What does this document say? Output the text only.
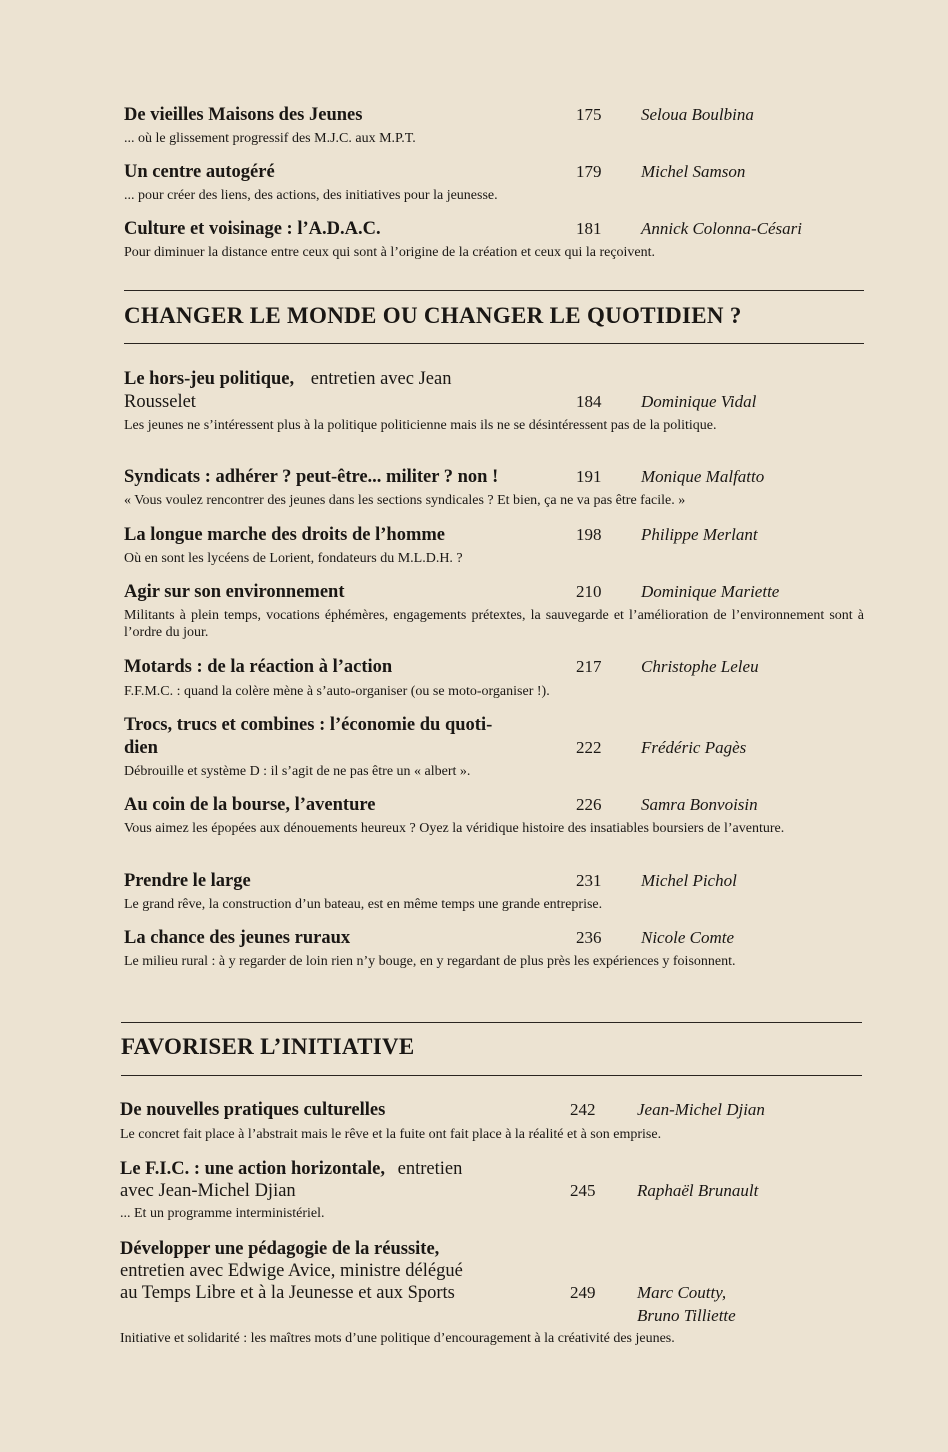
De vieilles Maisons des Jeunes	175 Seloua Boulbina
... où le glissement progressif des M.J.C. aux M.P.T.
Un centre autogéré	179 Michel Samson
... pour créer des liens, des actions, des initiatives pour la jeunesse.
Culture et voisinage : l’A.D.A.C.	181 Annick Colonna-Césari
Pour diminuer la distance entre ceux qui sont à l’origine de la création et ceux qui la reçoivent.
CHANGER LE MONDE OU CHANGER LE QUOTIDIEN ?
Le hors-jeu politique, entretien avec Jean
Rousselet	184 Dominique Vidal
Les jeunes ne s’intéressent plus à la politique politicienne mais ils ne se désintéressent pas de la politique.
Syndicats : adhérer ? peut-être... militer ? non !	191 Monique Malfatto
« Vous voulez rencontrer des jeunes dans les sections syndicales ? Et bien, ça ne va pas être facile. »
La longue marche des droits de l’homme	198 Philippe Merlant
Où en sont les lycéens de Lorient, fondateurs du M.L.D.H. ?
Agir sur son environnement	210 Dominique Mariette
Militants à plein temps, vocations éphémères, engagements prétextes, la sauvegarde et l’amélioration de l’environnement sont à l’ordre du jour.
Motards : de la réaction à l’action	217 Christophe Leleu
F.F.M.C. : quand la colère mène à s’auto-organiser (ou se moto-organiser !).
Trocs, trucs et combines : l’économie du quoti-
dien	222 Frédéric Pagès
Débrouille et système D : il s’agit de ne pas être un « albert ».
Au coin de la bourse, l’aventure	226 Samra Bonvoisin
Vous aimez les épopées aux dénouements heureux ? Oyez la véridique histoire des insatiables boursiers de l’aventure.
Prendre le large	231 Michel Pichol
Le grand rêve, la construction d’un bateau, est en même temps une grande entreprise.
La chance des jeunes ruraux	236 Nicole Comte
Le milieu rural : à y regarder de loin rien n’y bouge, en y regardant de plus près les expériences y foisonnent.
FAVORISER L’INITIATIVE
De nouvelles pratiques culturelles	242 Jean-Michel Djian
Le concret fait place à l’abstrait mais le rêve et la fuite ont fait place à la réalité et à son emprise.
Le F.I.C. : une action horizontale, entretien
avec Jean-Michel Djian	245 Raphaël Brunault
... Et un programme interministériel.
Développer une pédagogie de la réussite,
entretien avec Edwige Avice, ministre délégué
au Temps Libre et à la Jeunesse et aux Sports	249 Marc Coutty,
Bruno Tilliette
Initiative et solidarité : les maîtres mots d’une politique d’encouragement à la créativité des jeunes.
